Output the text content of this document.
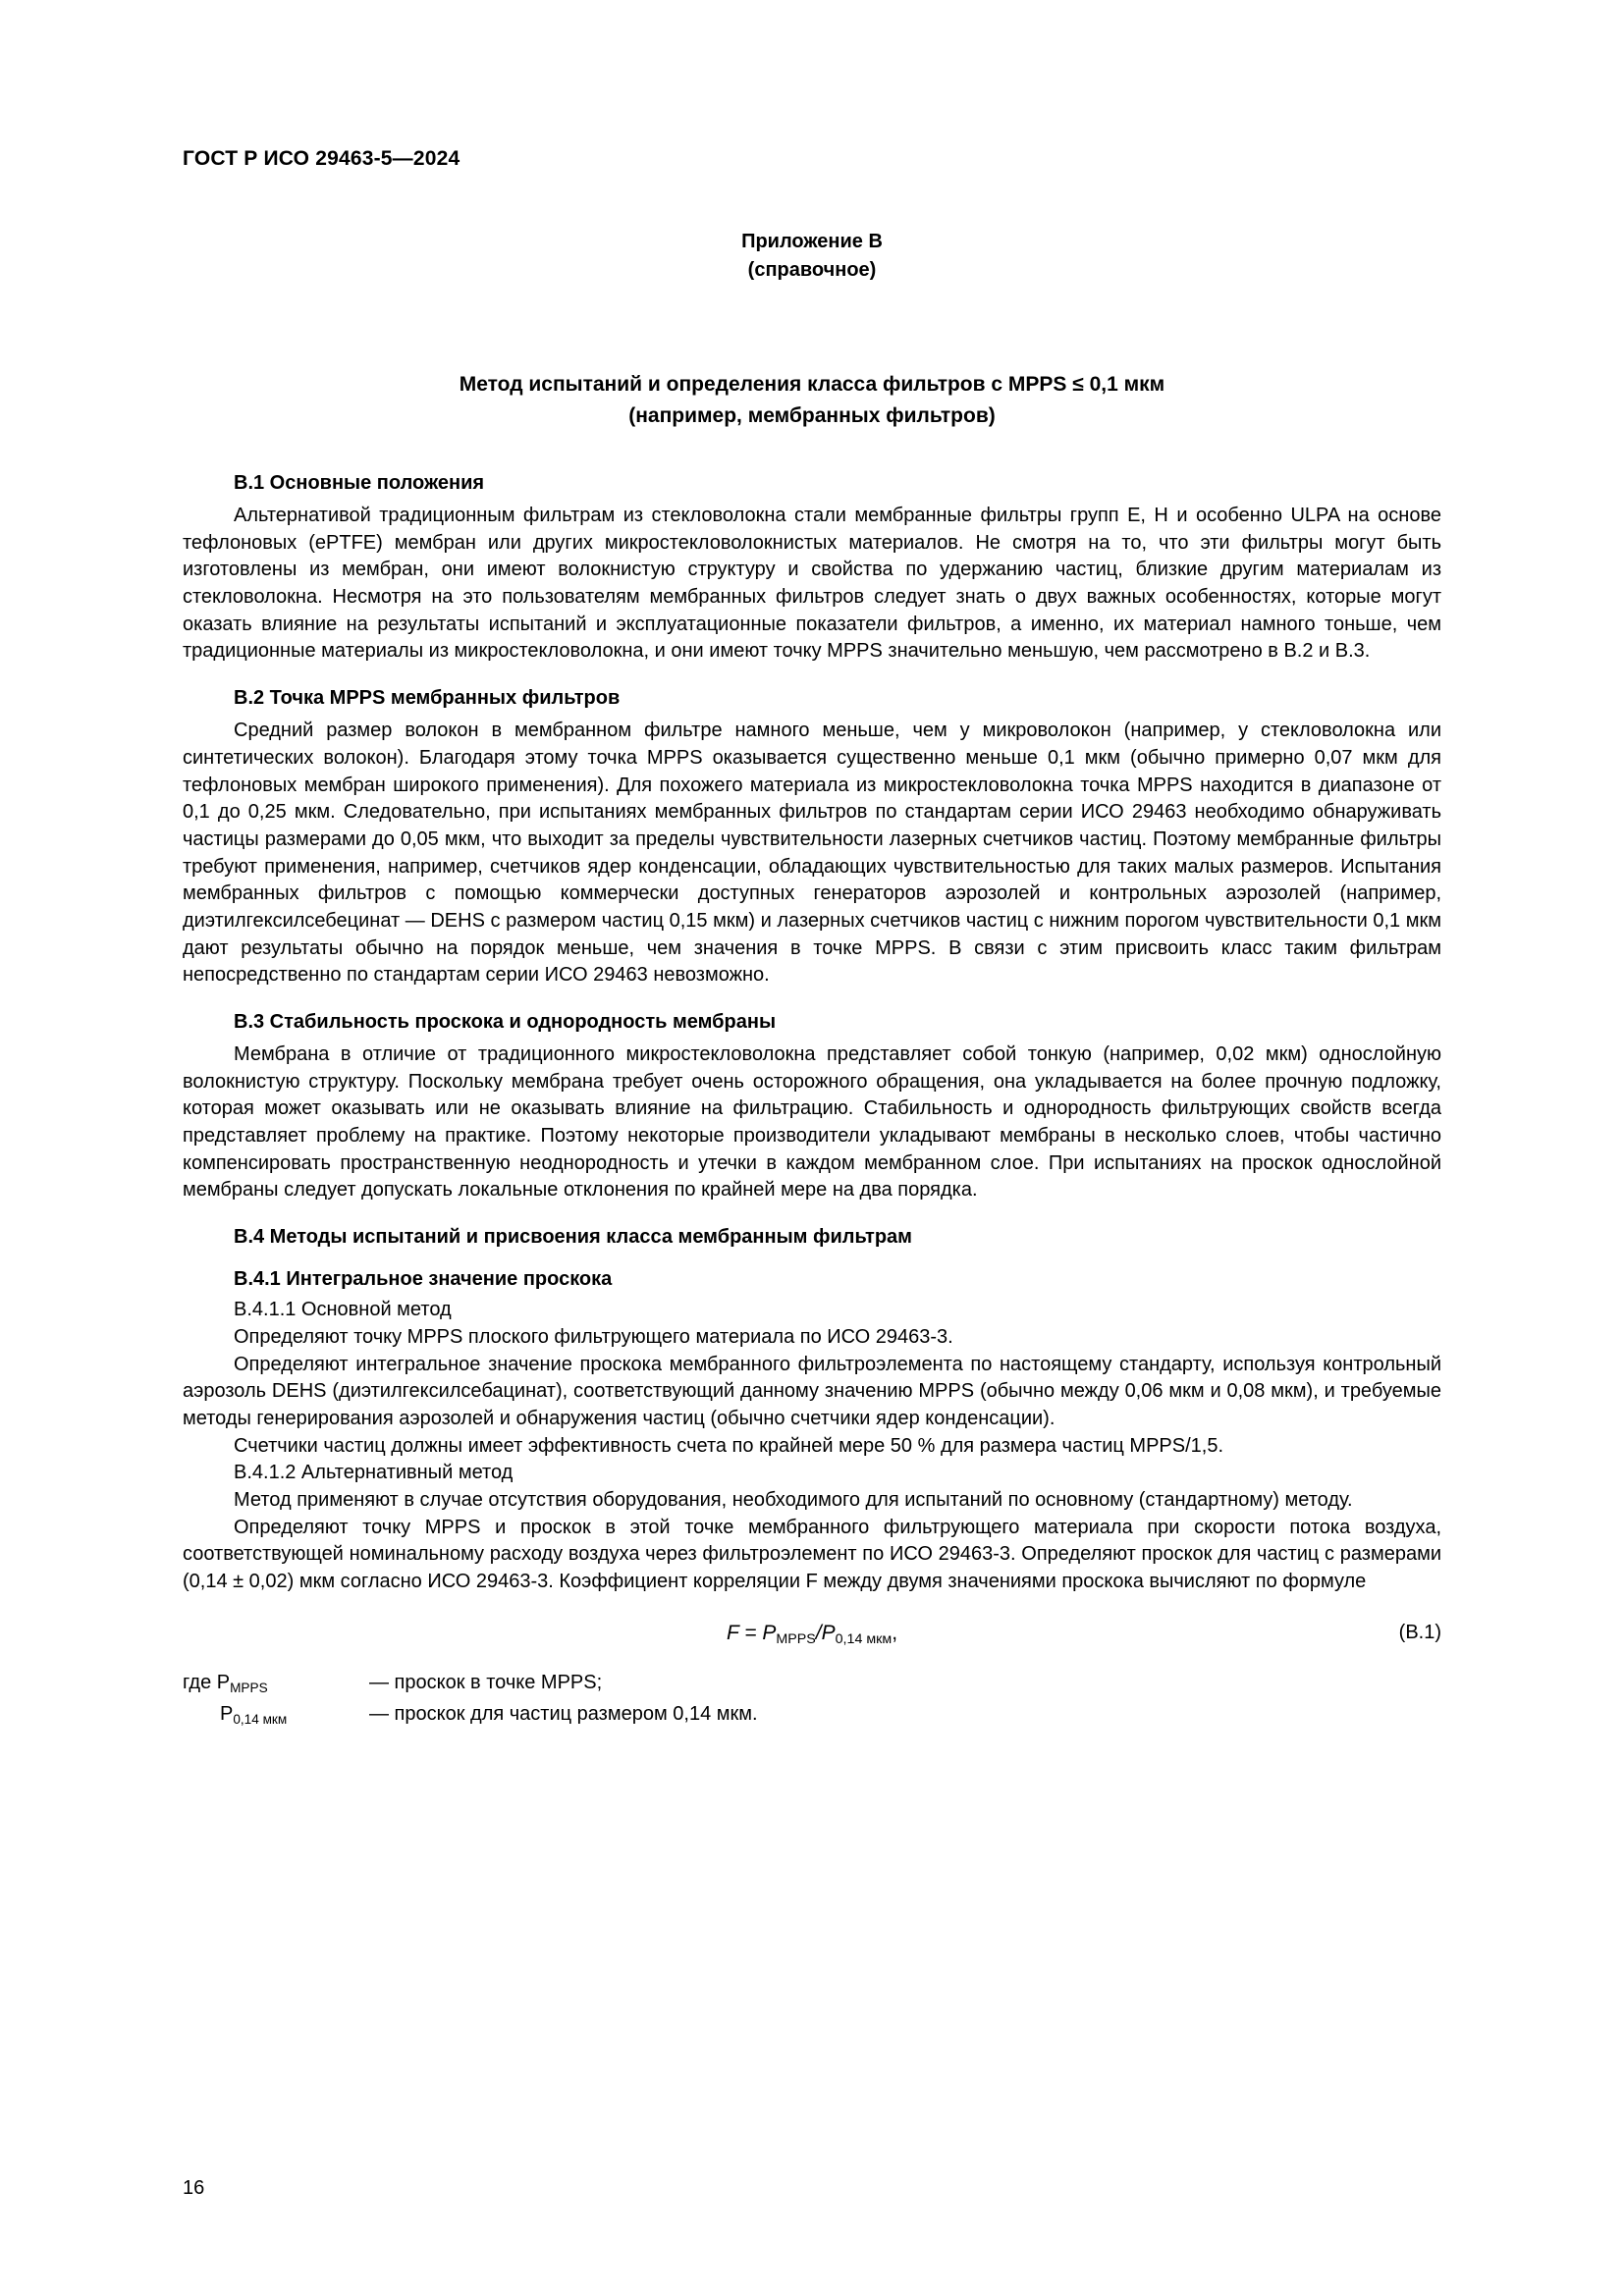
ГОСТ Р ИСО 29463-5—2024
Приложение В
(справочное)
Метод испытаний и определения класса фильтров с MPPS ≤ 0,1 мкм
(например, мембранных фильтров)
В.1 Основные положения

Альтернативой традиционным фильтрам из стекловолокна стали мембранные фильтры групп E, H и особенно ULPA на основе тефлоновых (ePTFE) мембран или других микростекловолокнистых материалов. Не смотря на то, что эти фильтры могут быть изготовлены из мембран, они имеют волокнистую структуру и свойства по удержанию частиц, близкие другим материалам из стекловолокна. Несмотря на это пользователям мембранных фильтров следует знать о двух важных особенностях, которые могут оказать влияние на результаты испытаний и эксплуатационные показатели фильтров, а именно, их материал намного тоньше, чем традиционные материалы из микростекловолокна, и они имеют точку MPPS значительно меньшую, чем рассмотрено в В.2 и В.3.

В.2 Точка MPPS мембранных фильтров

Средний размер волокон в мембранном фильтре намного меньше, чем у микроволокон (например, у стекловолокна или синтетических волокон). Благодаря этому точка MPPS оказывается существенно меньше 0,1 мкм (обычно примерно 0,07 мкм для тефлоновых мембран широкого применения). Для похожего материала из микростекловолокна точка MPPS находится в диапазоне от 0,1 до 0,25 мкм. Следовательно, при испытаниях мембранных фильтров по стандартам серии ИСО 29463 необходимо обнаруживать частицы размерами до 0,05 мкм, что выходит за пределы чувствительности лазерных счетчиков частиц. Поэтому мембранные фильтры требуют применения, например, счетчиков ядер конденсации, обладающих чувствительностью для таких малых размеров. Испытания мембранных фильтров с помощью коммерчески доступных генераторов аэрозолей и контрольных аэрозолей (например, диэтилгексилсебецинат — DEHS с размером частиц 0,15 мкм) и лазерных счетчиков частиц с нижним порогом чувствительности 0,1 мкм дают результаты обычно на порядок меньше, чем значения в точке MPPS. В связи с этим присвоить класс таким фильтрам непосредственно по стандартам серии ИСО 29463 невозможно.

В.3 Стабильность проскока и однородность мембраны

Мембрана в отличие от традиционного микростекловолокна представляет собой тонкую (например, 0,02 мкм) однослойную волокнистую структуру. Поскольку мембрана требует очень осторожного обращения, она укладывается на более прочную подложку, которая может оказывать или не оказывать влияние на фильтрацию. Стабильность и однородность фильтрующих свойств всегда представляет проблему на практике. Поэтому некоторые производители укладывают мембраны в несколько слоев, чтобы частично компенсировать пространственную неоднородность и утечки в каждом мембранном слое. При испытаниях на проскок однослойной мембраны следует допускать локальные отклонения по крайней мере на два порядка.

В.4 Методы испытаний и присвоения класса мембранным фильтрам
В.4.1 Интегральное значение проскока

В.4.1.1 Основной метод

Определяют точку MPPS плоского фильтрующего материала по ИСО 29463-3.

Определяют интегральное значение проскока мембранного фильтроэлемента по настоящему стандарту, используя контрольный аэрозоль DEHS (диэтилгексилсебацинат), соответствующий данному значению MPPS (обычно между 0,06 мкм и 0,08 мкм), и требуемые методы генерирования аэрозолей и обнаружения частиц (обычно счетчики ядер конденсации).

Счетчики частиц должны имеет эффективность счета по крайней мере 50 % для размера частиц MPPS/1,5.

В.4.1.2 Альтернативный метод

Метод применяют в случае отсутствия оборудования, необходимого для испытаний по основному (стандартному) методу.

Определяют точку MPPS и проскок в этой точке мембранного фильтрующего материала при скорости потока воздуха, соответствующей номинальному расходу воздуха через фильтроэлемент по ИСО 29463-3. Определяют проскок для частиц с размерами (0,14 ± 0,02) мкм согласно ИСО 29463-3. Коэффициент корреляции F между двумя значениями проскока вычисляют по формуле

$F = P_{MPPS}/P_{0,14 мкм}$,	(В.1)
где $P_{MPPS}$	— проскок в точке MPPS;
$P_{0,14 мкм}$	— проскок для частиц размером 0,14 мкм.
16
